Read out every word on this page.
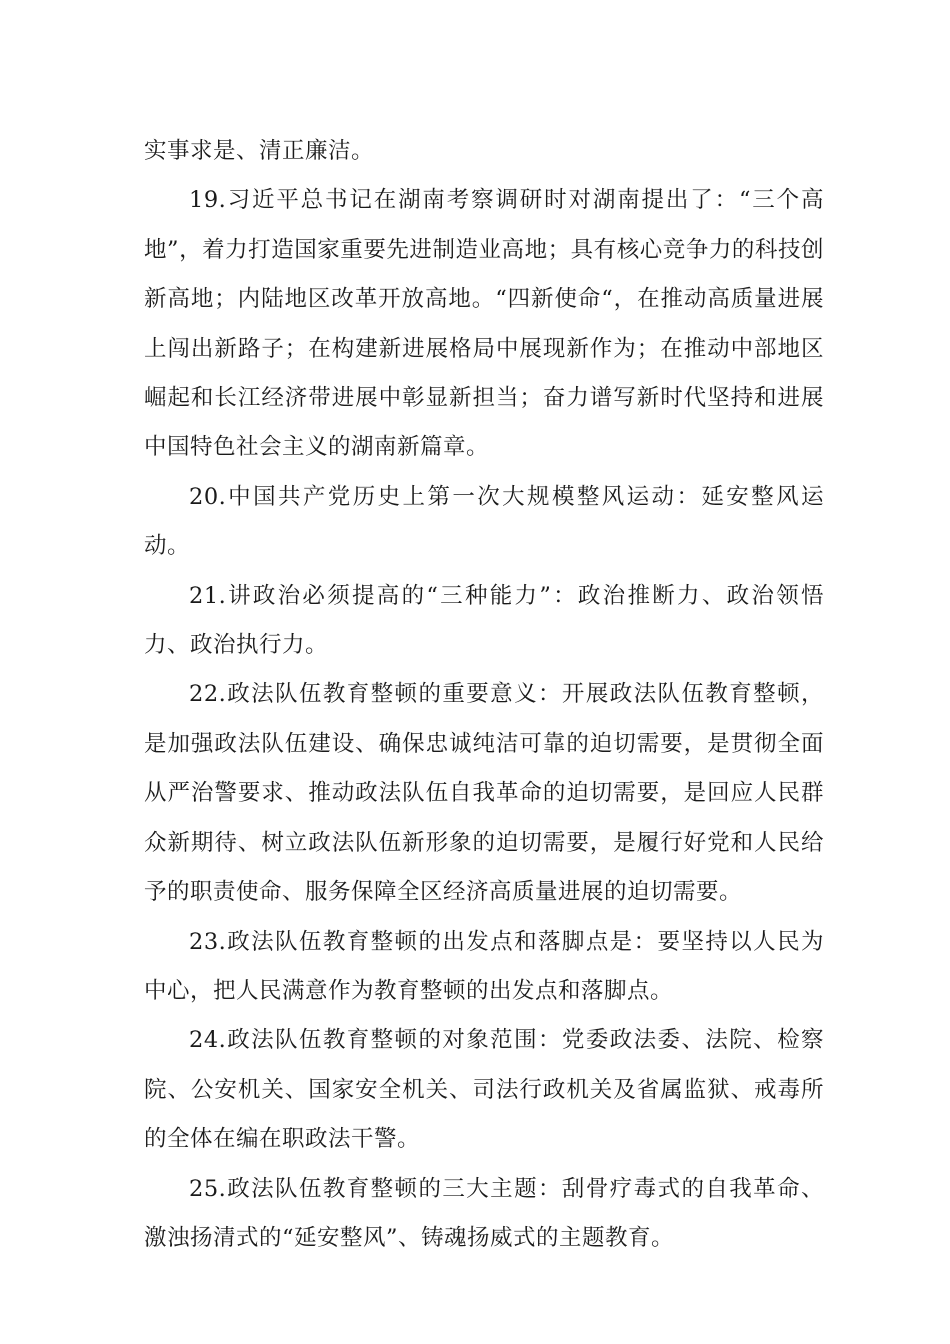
实事求是、清正廉洁。

19.习近平总书记在湖南考察调研时对湖南提出了：“三个高地”，着力打造国家重要先进制造业高地；具有核心竞争力的科技创新高地；内陆地区改革开放高地。“四新使命“，在推动高质量进展上闯出新路子；在构建新进展格局中展现新作为；在推动中部地区崛起和长江经济带进展中彰显新担当；奋力谱写新时代坚持和进展中国特色社会主义的湖南新篇章。

20.中国共产党历史上第一次大规模整风运动：延安整风运动。

21.讲政治必须提高的“三种能力”：政治推断力、政治领悟力、政治执行力。

22.政法队伍教育整顿的重要意义：开展政法队伍教育整顿，是加强政法队伍建设、确保忠诚纯洁可靠的迫切需要，是贯彻全面从严治警要求、推动政法队伍自我革命的迫切需要，是回应人民群众新期待、树立政法队伍新形象的迫切需要，是履行好党和人民给予的职责使命、服务保障全区经济高质量进展的迫切需要。

23.政法队伍教育整顿的出发点和落脚点是：要坚持以人民为中心，把人民满意作为教育整顿的出发点和落脚点。

24.政法队伍教育整顿的对象范围：党委政法委、法院、检察院、公安机关、国家安全机关、司法行政机关及省属监狱、戒毒所的全体在编在职政法干警。

25.政法队伍教育整顿的三大主题：刮骨疗毒式的自我革命、激浊扬清式的“延安整风”、铸魂扬威式的主题教育。
